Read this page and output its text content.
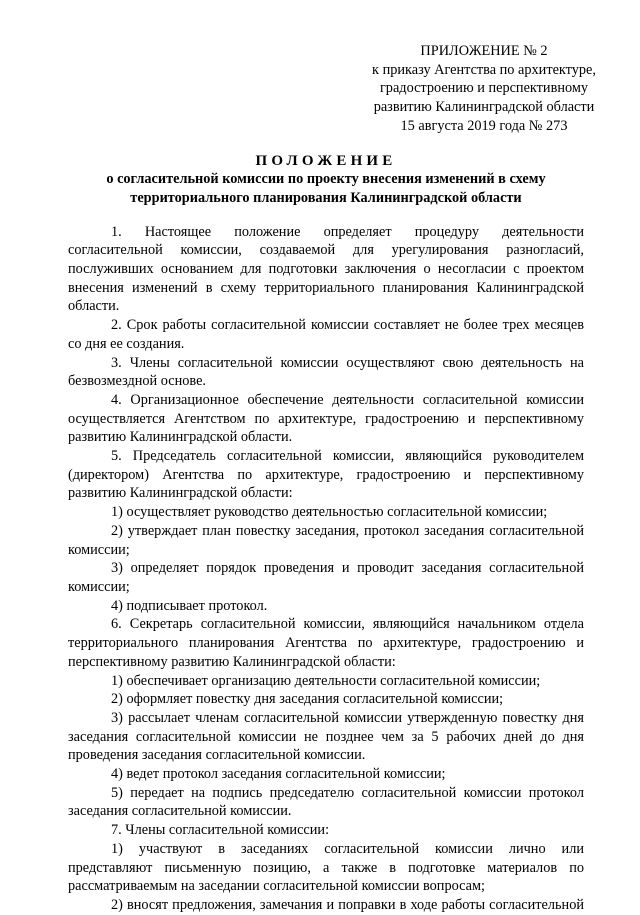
ПРИЛОЖЕНИЕ № 2
к приказу Агентства по архитектуре,
градостроению и перспективному
развитию Калининградской области
15 августа 2019 года № 273
ПОЛОЖЕНИЕ
о согласительной комиссии по проекту внесения изменений в схему
территориального планирования Калининградской области

1. Настоящее положение определяет процедуру деятельности согласительной комиссии, создаваемой для урегулирования разногласий, послуживших основанием для подготовки заключения о несогласии с проектом внесения изменений в схему территориального планирования Калининградской области.

2. Срок работы согласительной комиссии составляет не более трех месяцев со дня ее создания.

3. Члены согласительной комиссии осуществляют свою деятельность на безвозмездной основе.

4. Организационное обеспечение деятельности согласительной комиссии осуществляется Агентством по архитектуре, градостроению и перспективному развитию Калининградской области.

5. Председатель согласительной комиссии, являющийся руководителем (директором) Агентства по архитектуре, градостроению и перспективному развитию Калининградской области:

1) осуществляет руководство деятельностью согласительной комиссии;

2) утверждает план повестку заседания, протокол заседания согласительной комиссии;

3) определяет порядок проведения и проводит заседания согласительной комиссии;

4) подписывает протокол.

6. Секретарь согласительной комиссии, являющийся начальником отдела территориального планирования Агентства по архитектуре, градостроению и перспективному развитию Калининградской области:

1) обеспечивает организацию деятельности согласительной комиссии;

2) оформляет повестку дня заседания согласительной комиссии;

3) рассылает членам согласительной комиссии утвержденную повестку дня заседания согласительной комиссии не позднее чем за 5 рабочих дней до дня проведения заседания согласительной комиссии.

4) ведет протокол заседания согласительной комиссии;

5) передает на подпись председателю согласительной комиссии протокол заседания согласительной комиссии.

7. Члены согласительной комиссии:

1) участвуют в заседаниях согласительной комиссии лично или представляют письменную позицию, а также в подготовке материалов по рассматриваемым на заседании согласительной комиссии вопросам;

2) вносят предложения, замечания и поправки в ходе работы согласительной
